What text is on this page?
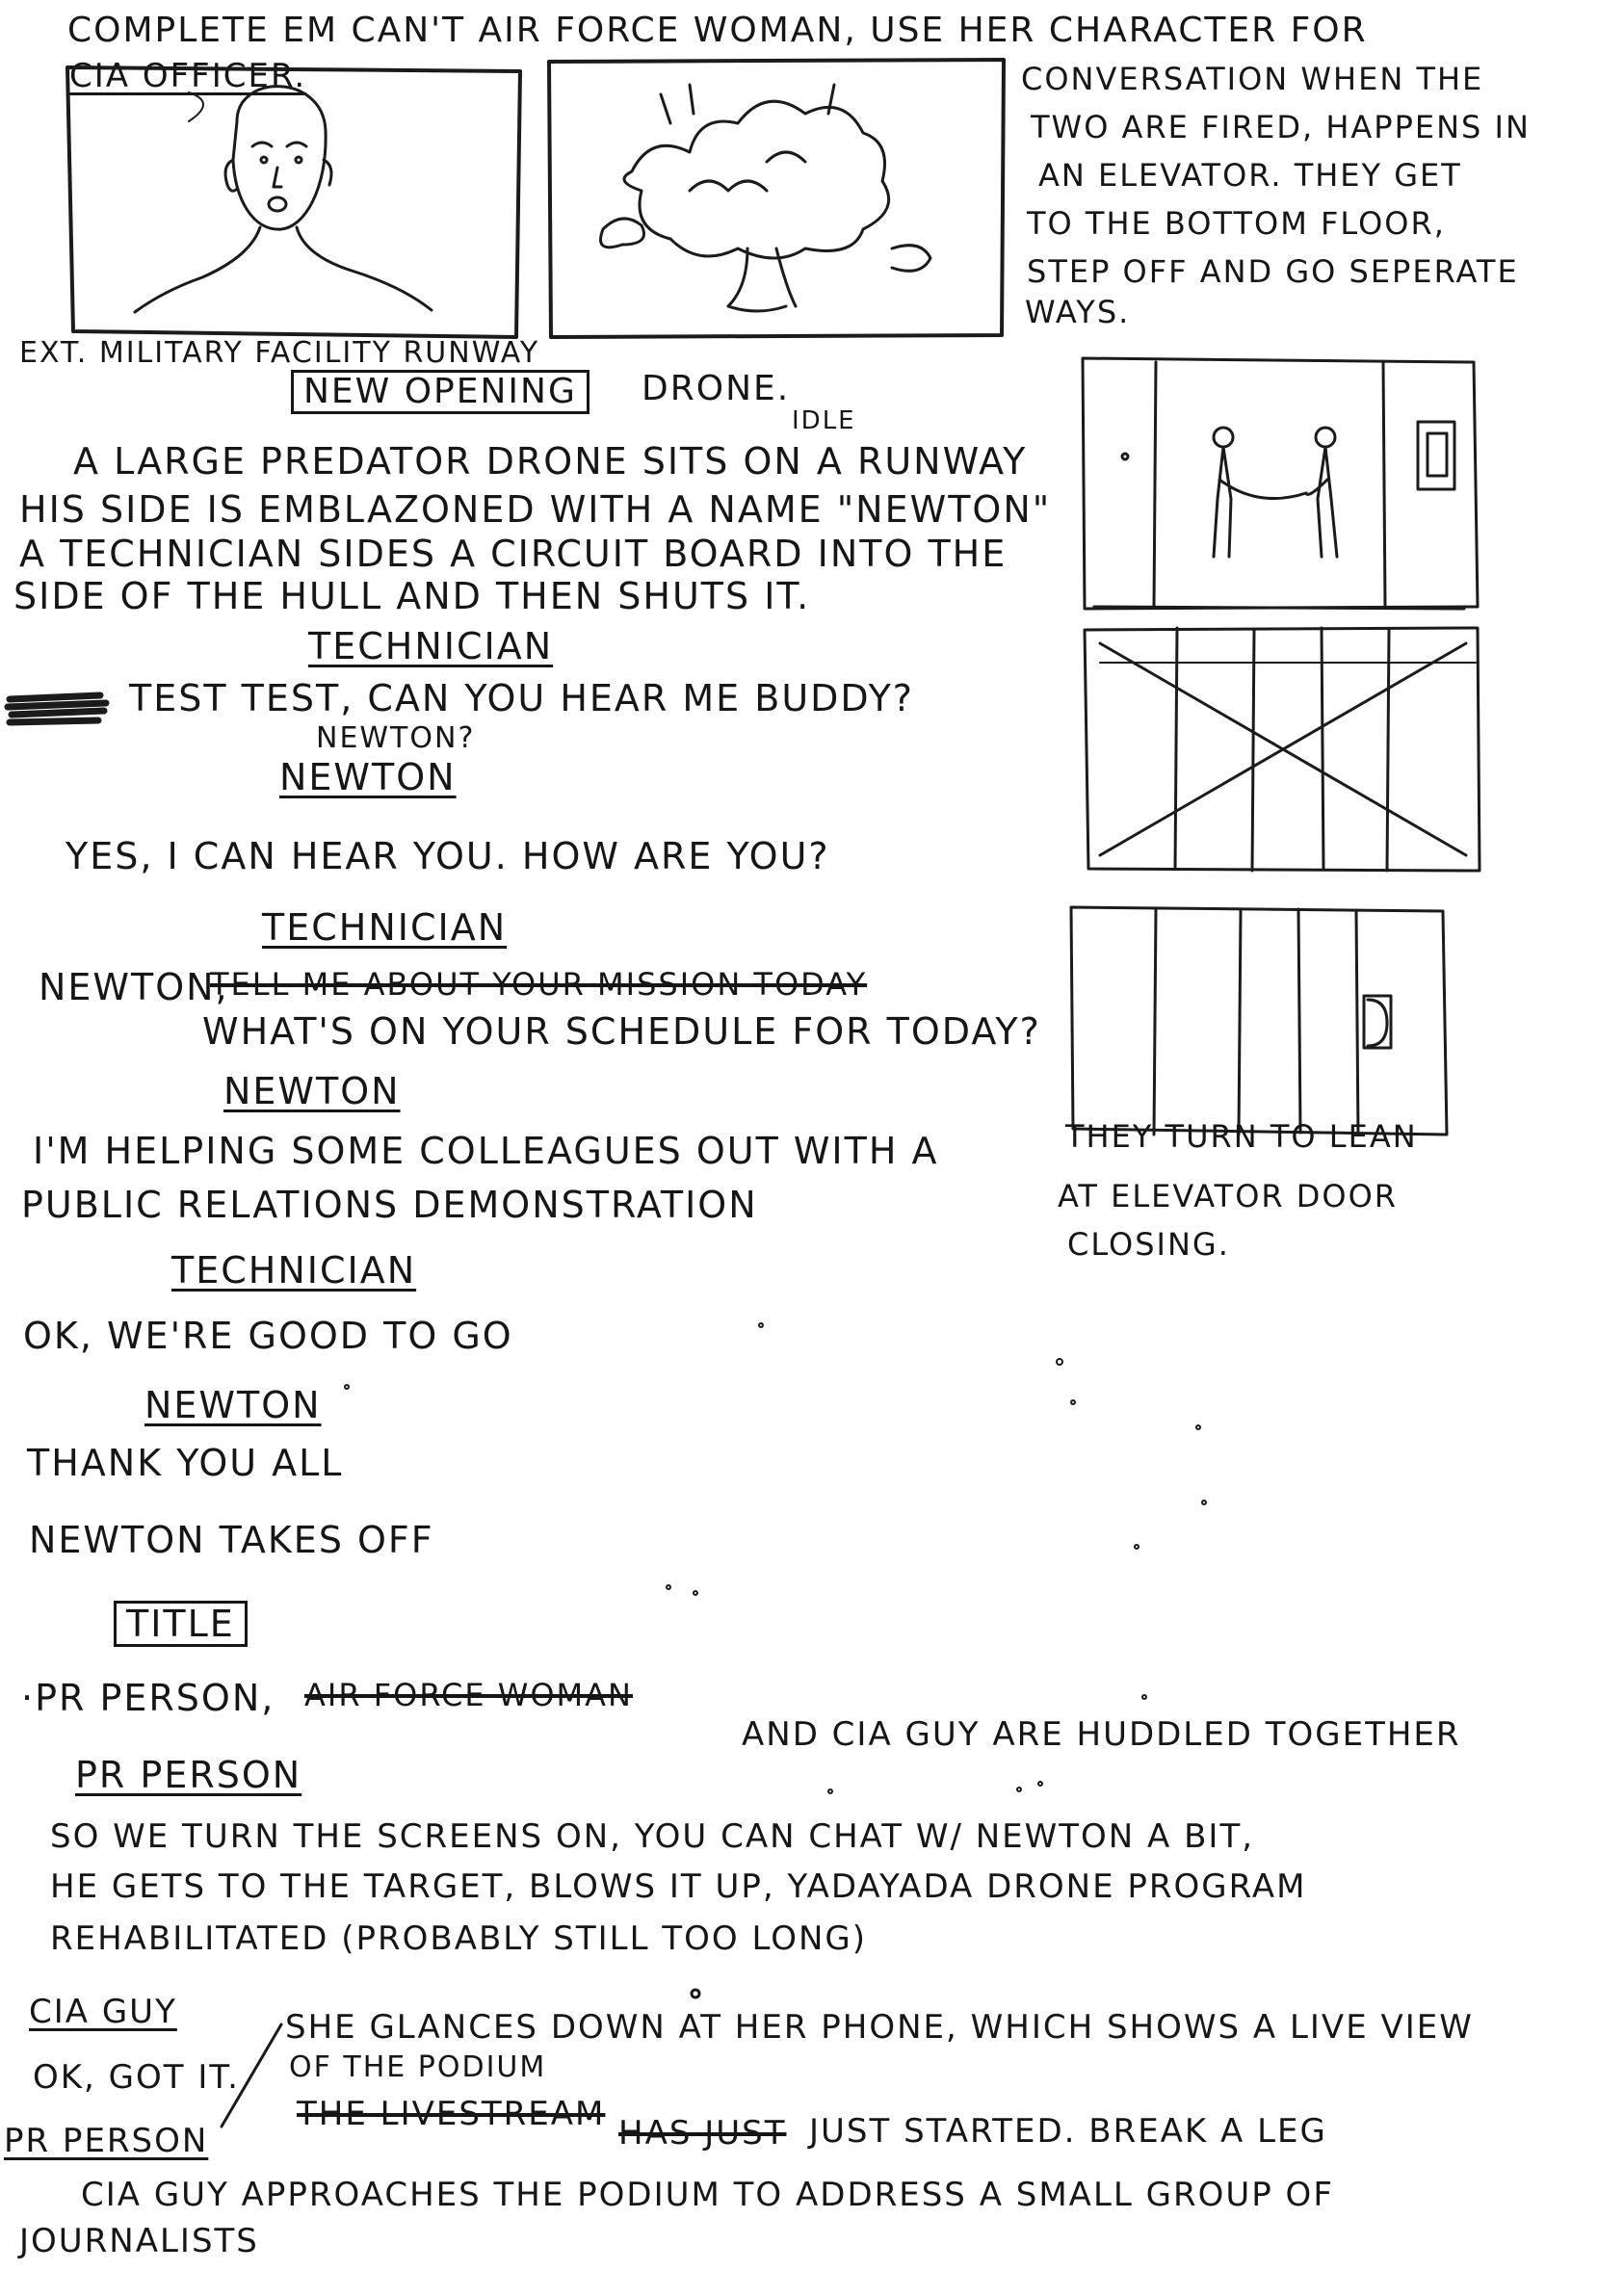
COMPLETE EM CAN'T AIR FORCE WOMAN, USE HER CHARACTER FOR
CIA OFFICER.	CONVERSATION WHEN THE
TWO ARE FIRED, HAPPENS IN
AN ELEVATOR. THEY GET
TO THE BOTTOM FLOOR,
STEP OFF AND GO SEPERATE
WAYS.
EXT. MILITARY FACILITY RUNWAY
NEW OPENING	DRONE.
IDLE
A LARGE PREDATOR DRONE SITS ON A RUNWAY
HIS SIDE IS EMBLAZONED WITH A NAME "NEWTON"
A TECHNICIAN SIDES A CIRCUIT BOARD INTO THE
SIDE OF THE HULL AND THEN SHUTS IT.
TECHNICIAN
TEST TEST, CAN YOU HEAR ME BUDDY?
NEWTON?
NEWTON
YES, I CAN HEAR YOU. HOW ARE YOU?
TECHNICIAN
NEWTON,
TELL ME ABOUT YOUR MISSION TODAY
WHAT'S ON YOUR SCHEDULE FOR TODAY?
NEWTON
I'M HELPING SOME COLLEAGUES OUT WITH A
PUBLIC RELATIONS DEMONSTRATION
TECHNICIAN
OK, WE'RE GOOD TO GO
NEWTON
THANK YOU ALL
NEWTON TAKES OFF
TITLE
·PR PERSON, AIR FORCE WOMAN
AND CIA GUY ARE HUDDLED TOGETHER
PR PERSON
SO WE TURN THE SCREENS ON, YOU CAN CHAT W/ NEWTON A BIT,
HE GETS TO THE TARGET, BLOWS IT UP, YADAYADA DRONE PROGRAM
REHABILITATED (PROBABLY STILL TOO LONG)
CIA GUY	SHE GLANCES DOWN AT HER PHONE, WHICH SHOWS A LIVE VIEW
OK, GOT IT. OF THE PODIUM
PR PERSON
THE LIVESTREAM HAS JUST JUST STARTED. BREAK A LEG
CIA GUY APPROACHES THE PODIUM TO ADDRESS A SMALL GROUP OF
JOURNALISTS
THEY TURN TO LEAN
AT ELEVATOR DOOR
CLOSING.
